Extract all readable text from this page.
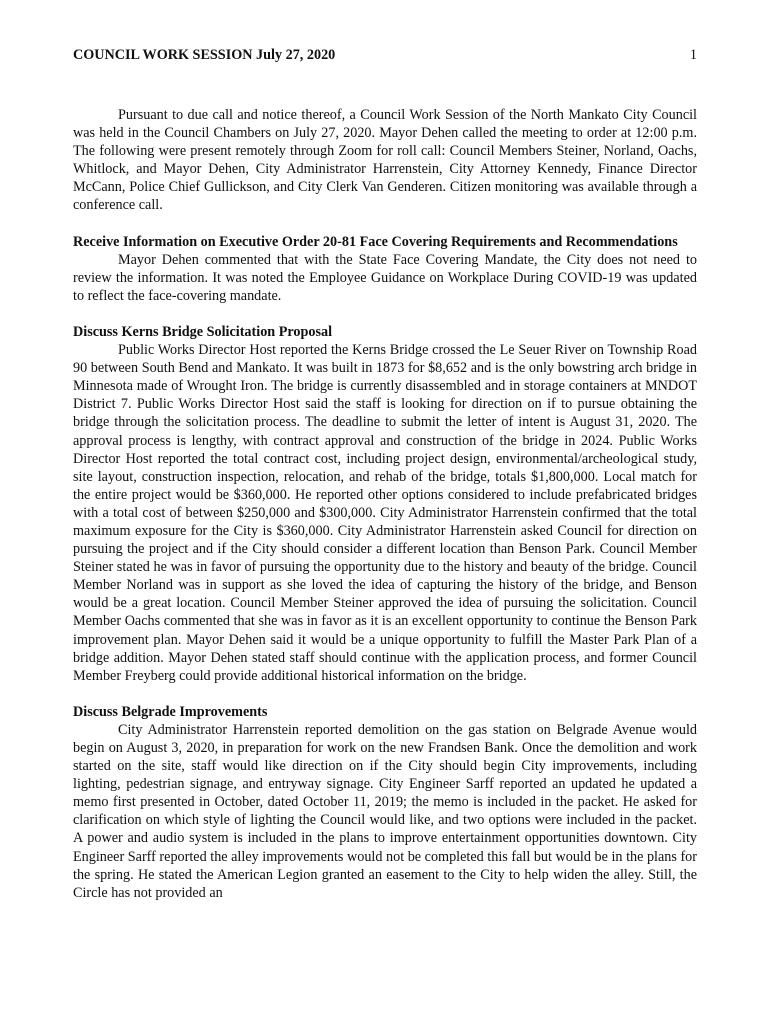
COUNCIL WORK SESSION July 27, 2020	1

Pursuant to due call and notice thereof, a Council Work Session of the North Mankato City Council was held in the Council Chambers on July 27, 2020. Mayor Dehen called the meeting to order at 12:00 p.m. The following were present remotely through Zoom for roll call: Council Members Steiner, Norland, Oachs, Whitlock, and Mayor Dehen, City Administrator Harrenstein, City Attorney Kennedy, Finance Director McCann, Police Chief Gullickson, and City Clerk Van Genderen. Citizen monitoring was available through a conference call.

Receive Information on Executive Order 20-81 Face Covering Requirements and Recommendations

Mayor Dehen commented that with the State Face Covering Mandate, the City does not need to review the information. It was noted the Employee Guidance on Workplace During COVID-19 was updated to reflect the face-covering mandate.

Discuss Kerns Bridge Solicitation Proposal

Public Works Director Host reported the Kerns Bridge crossed the Le Seuer River on Township Road 90 between South Bend and Mankato. It was built in 1873 for $8,652 and is the only bowstring arch bridge in Minnesota made of Wrought Iron. The bridge is currently disassembled and in storage containers at MNDOT District 7. Public Works Director Host said the staff is looking for direction on if to pursue obtaining the bridge through the solicitation process. The deadline to submit the letter of intent is August 31, 2020. The approval process is lengthy, with contract approval and construction of the bridge in 2024. Public Works Director Host reported the total contract cost, including project design, environmental/archeological study, site layout, construction inspection, relocation, and rehab of the bridge, totals $1,800,000. Local match for the entire project would be $360,000. He reported other options considered to include prefabricated bridges with a total cost of between $250,000 and $300,000. City Administrator Harrenstein confirmed that the total maximum exposure for the City is $360,000. City Administrator Harrenstein asked Council for direction on pursuing the project and if the City should consider a different location than Benson Park. Council Member Steiner stated he was in favor of pursuing the opportunity due to the history and beauty of the bridge. Council Member Norland was in support as she loved the idea of capturing the history of the bridge, and Benson would be a great location. Council Member Steiner approved the idea of pursuing the solicitation. Council Member Oachs commented that she was in favor as it is an excellent opportunity to continue the Benson Park improvement plan. Mayor Dehen said it would be a unique opportunity to fulfill the Master Park Plan of a bridge addition. Mayor Dehen stated staff should continue with the application process, and former Council Member Freyberg could provide additional historical information on the bridge.

Discuss Belgrade Improvements

City Administrator Harrenstein reported demolition on the gas station on Belgrade Avenue would begin on August 3, 2020, in preparation for work on the new Frandsen Bank. Once the demolition and work started on the site, staff would like direction on if the City should begin City improvements, including lighting, pedestrian signage, and entryway signage. City Engineer Sarff reported an updated he updated a memo first presented in October, dated October 11, 2019; the memo is included in the packet. He asked for clarification on which style of lighting the Council would like, and two options were included in the packet. A power and audio system is included in the plans to improve entertainment opportunities downtown. City Engineer Sarff reported the alley improvements would not be completed this fall but would be in the plans for the spring. He stated the American Legion granted an easement to the City to help widen the alley. Still, the Circle has not provided an
